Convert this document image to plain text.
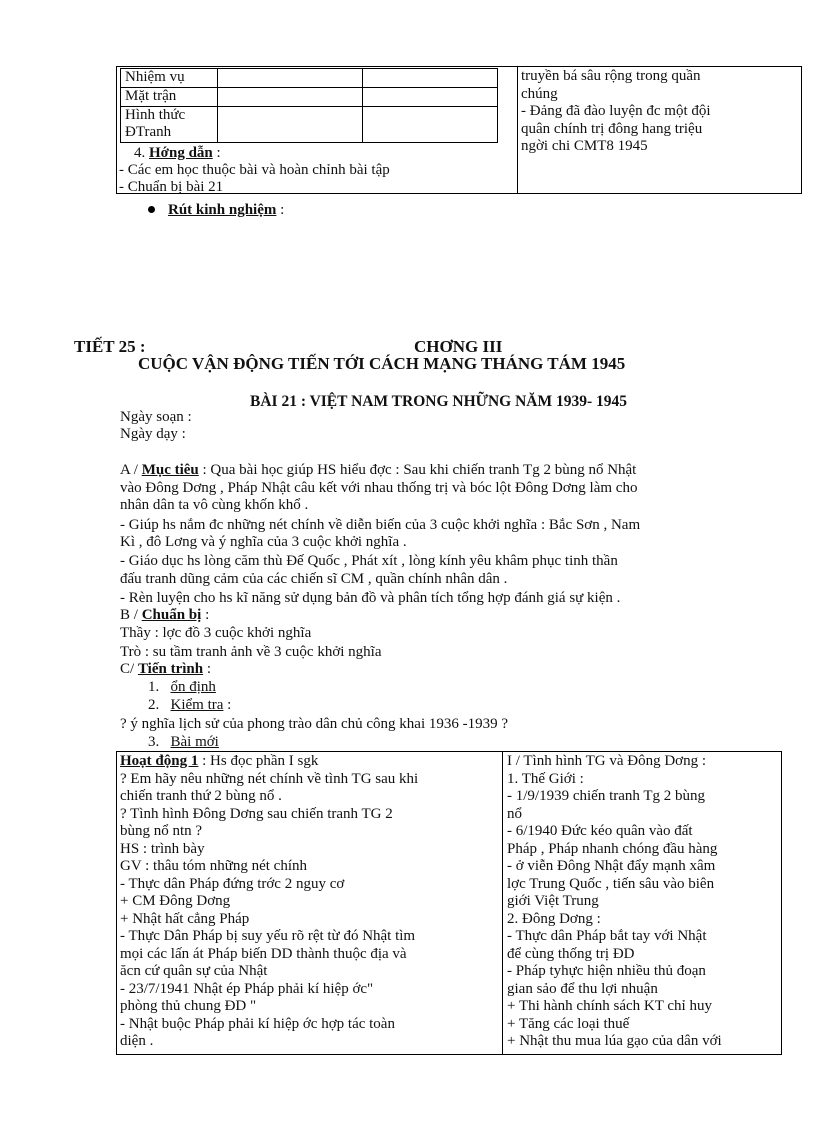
Nhiệm vụ		
Mặt trận		
Hình thức ĐTranh		
truyền bá sâu rộng trong quần
chúng
- Đảng đã đào luyện đc một đội
quân chính trị đông hang triệu
ngời chi CMT8 1945
4. Hớng dẫn :
- Các em học thuộc bài và hoàn chỉnh bài tập
- Chuẩn bị bài 21
Rút kinh nghiệm :
TIẾT 25 :	CHƠNG III
CUỘC VẬN ĐỘNG TIẾN TỚI CÁCH MẠNG THÁNG TÁM 1945
BÀI 21 : VIỆT NAM TRONG NHỮNG NĂM 1939- 1945
Ngày soạn :
Ngày dạy :
A / Mục tiêu : Qua bài học giúp HS hiểu đợc : Sau khi chiến tranh Tg 2 bùng nổ Nhật
vào Đông Dơng , Pháp Nhật câu kết với nhau thống trị và bóc lột Đông Dơng làm cho
nhân dân ta vô cùng khốn khổ .
- Giúp hs nắm đc những nét chính về diễn biến của 3 cuộc khởi nghĩa : Bắc Sơn , Nam
Kì , đô Lơng và ý nghĩa của 3 cuộc khởi nghĩa .
- Giáo dục hs lòng căm thù Đế Quốc , Phát xít , lòng kính yêu khâm phục tinh thần
đấu tranh dũng cảm của các chiến sĩ CM , quần chính nhân dân .
- Rèn luyện cho hs kĩ năng sử dụng bản đồ và phân tích tổng hợp đánh giá sự kiện .
B / Chuẩn bị :
Thầy : lợc đồ 3 cuộc khởi nghĩa
Trò : su tầm tranh ảnh về 3 cuộc khởi nghĩa
C/ Tiến trình :
1. ổn định
2. Kiểm tra :
? ý nghĩa lịch sử của phong trào dân chủ công khai 1936 -1939 ?
3. Bài mới
Hoạt động 1 : Hs đọc phần I sgk
? Em hãy nêu những nét chính về tình TG sau khi
chiến tranh thứ 2 bùng nổ .
? Tình hình Đông Dơng sau chiến tranh TG 2
bùng nổ ntn ?
HS : trình bày
GV : thâu tóm những nét chính
- Thực dân Pháp đứng trớc 2 nguy cơ
+ CM Đông Dơng
+ Nhật hất cẳng Pháp
- Thực Dân Pháp bị suy yếu rõ rệt từ đó Nhật tìm
mọi các lấn át Pháp biến DD thành thuộc địa và
ăcn cứ quân sự của Nhật
- 23/7/1941 Nhật ép Pháp phải kí hiệp ớc"
phòng thủ chung ĐD "
- Nhật buộc Pháp phải kí hiệp ớc hợp tác toàn
diện .
I / Tình hình TG và Đông Dơng :
1. Thế Giới :
- 1/9/1939 chiến tranh Tg 2 bùng
nổ
- 6/1940 Đức kéo quân vào đất
Pháp , Pháp nhanh chóng đầu hàng
- ở viễn Đông Nhật đẩy mạnh xâm
lợc Trung Quốc , tiến sâu vào biên
giới Việt Trung
2. Đông Dơng :
- Thực dân Pháp bắt tay với Nhật
để cùng thống trị ĐD
- Pháp tyhực hiện nhiều thủ đoạn
gian sảo để thu lợi nhuận
+ Thi hành chính sách KT chỉ huy
+ Tăng các loại thuế
+ Nhật thu mua lúa gạo của dân với
